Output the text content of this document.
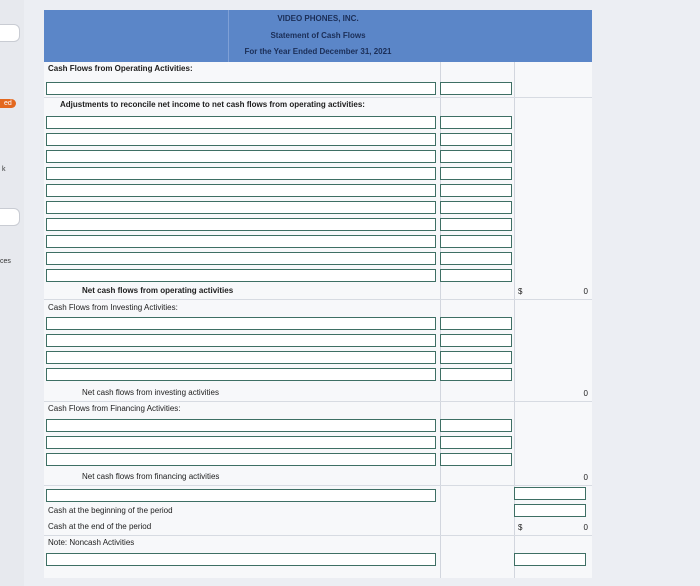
ed
k
ces
VIDEO PHONES, INC.
Statement of Cash Flows
For the Year Ended December 31, 2021
Cash Flows from Operating Activities:
Adjustments to reconcile net income to net cash flows from operating activities:
Net cash flows from operating activities	$	0
Cash Flows from Investing Activities:
Net cash flows from investing activities	0
Cash Flows from Financing Activities:
Net cash flows from financing activities	0
Cash at the beginning of the period
Cash at the end of the period	$	0
Note: Noncash Activities
